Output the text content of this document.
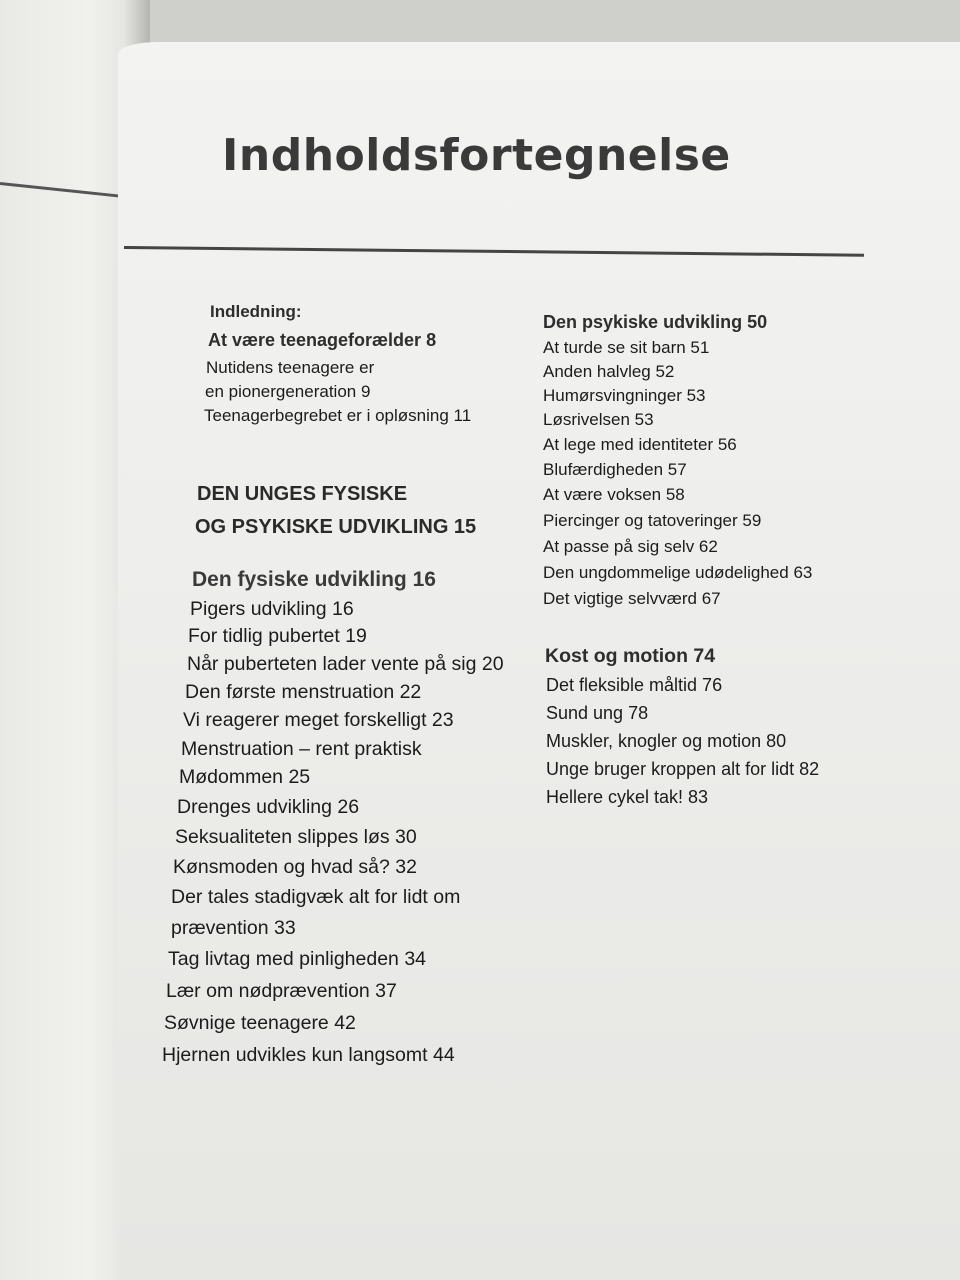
Indholdsfortegnelse
Indledning:
At være teenageforælder 8
Nutidens teenagere er
en pionergeneration 9
Teenagerbegrebet er i opløsning 11
DEN UNGES FYSISKE
OG PSYKISKE UDVIKLING 15
Den fysiske udvikling 16
Pigers udvikling 16
For tidlig pubertet 19
Når puberteten lader vente på sig 20
Den første menstruation 22
Vi reagerer meget forskelligt 23
Menstruation – rent praktisk
Mødommen 25
Drenges udvikling 26
Seksualiteten slippes løs 30
Kønsmoden og hvad så? 32
Der tales stadigvæk alt for lidt om
prævention 33
Tag livtag med pinligheden 34
Lær om nødprævention 37
Søvnige teenagere 42
Hjernen udvikles kun langsomt 44
Den psykiske udvikling 50
At turde se sit barn 51
Anden halvleg 52
Humørsvingninger 53
Løsrivelsen 53
At lege med identiteter 56
Blufærdigheden 57
At være voksen 58
Piercinger og tatoveringer 59
At passe på sig selv 62
Den ungdommelige udødelighed 63
Det vigtige selvværd 67
Kost og motion 74
Det fleksible måltid 76
Sund ung 78
Muskler, knogler og motion 80
Unge bruger kroppen alt for lidt 82
Hellere cykel tak! 83
